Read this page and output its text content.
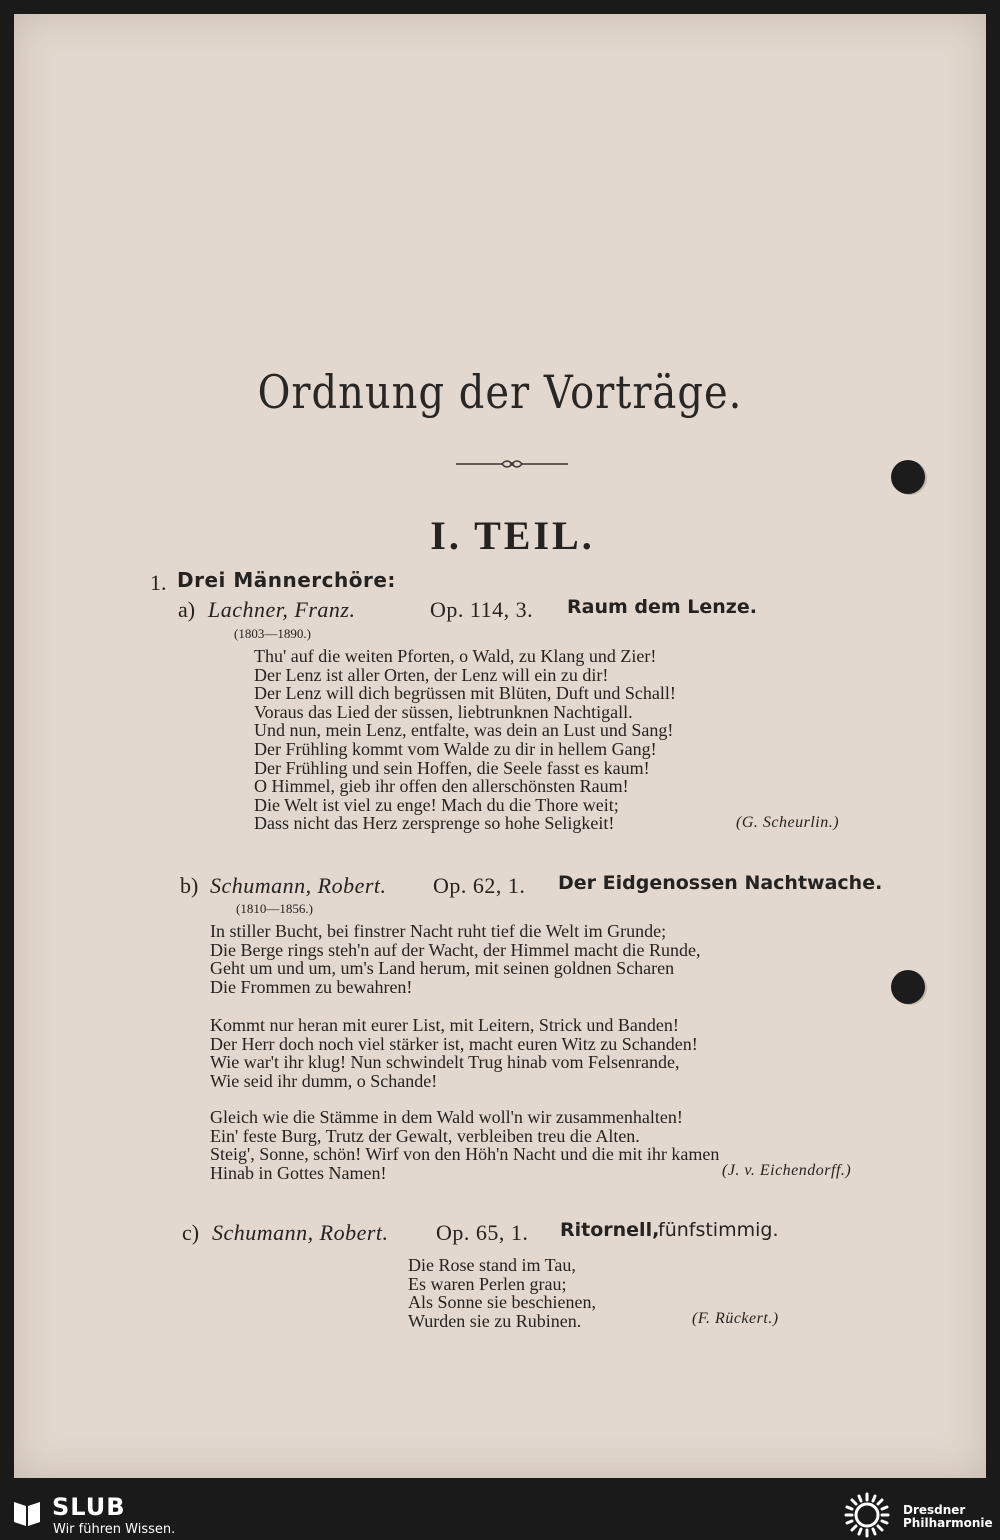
Ordnung der Vorträge.
I. TEIL.
1. Drei Männerchöre:
a) Lachner, Franz.	Op. 114, 3. Raum dem Lenze.
(1803—1890.)
Thu' auf die weiten Pforten, o Wald, zu Klang und Zier!
Der Lenz ist aller Orten, der Lenz will ein zu dir!
Der Lenz will dich begrüssen mit Blüten, Duft und Schall!
Voraus das Lied der süssen, liebtrunknen Nachtigall.
Und nun, mein Lenz, entfalte, was dein an Lust und Sang!
Der Frühling kommt vom Walde zu dir in hellem Gang!
Der Frühling und sein Hoffen, die Seele fasst es kaum!
O Himmel, gieb ihr offen den allerschönsten Raum!
Die Welt ist viel zu enge! Mach du die Thore weit;
Dass nicht das Herz zersprenge so hohe Seligkeit!	(G. Scheurlin.)
b) Schumann, Robert. Op. 62, 1. Der Eidgenossen Nachtwache.
(1810—1856.)
In stiller Bucht, bei finstrer Nacht ruht tief die Welt im Grunde;
Die Berge rings steh'n auf der Wacht, der Himmel macht die Runde,
Geht um und um, um's Land herum, mit seinen goldnen Scharen
Die Frommen zu bewahren!
Kommt nur heran mit eurer List, mit Leitern, Strick und Banden!
Der Herr doch noch viel stärker ist, macht euren Witz zu Schanden!
Wie war't ihr klug! Nun schwindelt Trug hinab vom Felsenrande,
Wie seid ihr dumm, o Schande!
Gleich wie die Stämme in dem Wald woll'n wir zusammenhalten!
Ein' feste Burg, Trutz der Gewalt, verbleiben treu die Alten.
Steig', Sonne, schön! Wirf von den Höh'n Nacht und die mit ihr kamen
Hinab in Gottes Namen!	(J. v. Eichendorff.)
c) Schumann, Robert. Op. 65, 1. Ritornell,
fünfstimmig.
Die Rose stand im Tau,
Es waren Perlen grau;
Als Sonne sie beschienen,
Wurden sie zu Rubinen.	(F. Rückert.)
SLUB
Wir führen Wissen.
Dresdner
Philharmonie
